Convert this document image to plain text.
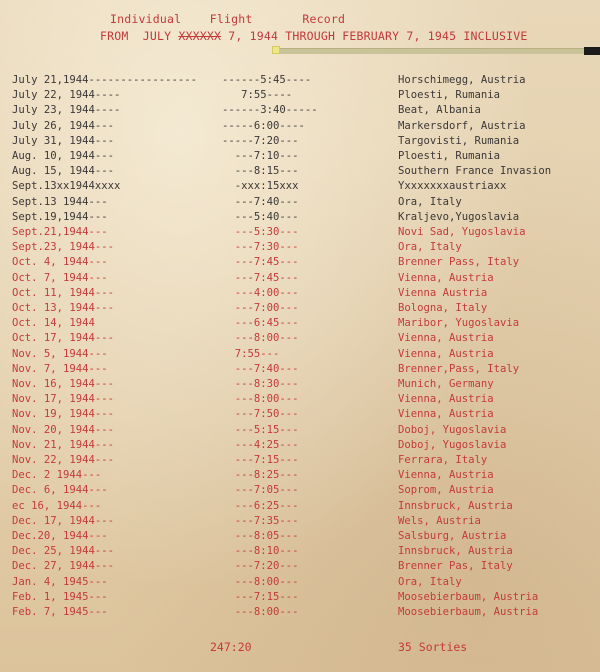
Individual    Flight       Record
FROM  JULY XXXXXX 7, 1944 THROUGH FEBRUARY 7, 1945 INCLUSIVE
July 21,1944----------------- ------5:45----	Horschimegg, Austria
July 22, 1944----	7:55----	Ploesti, Rumania
July 23, 1944----	------3:40-----	Beat, Albania
July 26, 1944---	-----6:00----	Markersdorf, Austria
July 31, 1944---	-----7:20---	Targovisti, Rumania
Aug. 10, 1944---	---7:10---	Ploesti, Rumania
Aug. 15, 1944---	---8:15---	Southern France Invasion
Sept.13xx1944xxxx	-xxx:15xxx	Yxxxxxxxaustriaxx
Sept.13 1944---	---7:40---	Ora, Italy
Sept.19,1944---	---5:40---	Kraljevo,Yugoslavia
Sept.21,1944---	---5:30---	Novi Sad, Yugoslavia
Sept.23, 1944---	---7:30---	Ora, Italy
Oct. 4, 1944---	---7:45---	Brenner Pass, Italy
Oct. 7, 1944---	---7:45---	Vienna, Austria
Oct. 11, 1944---	---4:00---	Vienna Austria
Oct. 13, 1944---	---7:00---	Bologna, Italy
Oct. 14, 1944	---6:45---	Maribor, Yugoslavia
Oct. 17, 1944---	---8:00---	Vienna, Austria
Nov. 5, 1944---	7:55---	Vienna, Austria
Nov. 7, 1944---	---7:40---	Brenner,Pass, Italy
Nov. 16, 1944---	---8:30---	Munich, Germany
Nov. 17, 1944---	---8:00---	Vienna, Austria
Nov. 19, 1944---	---7:50---	Vienna, Austria
Nov. 20, 1944---	---5:15---	Doboj, Yugoslavia
Nov. 21, 1944---	---4:25---	Doboj, Yugoslavia
Nov. 22, 1944---	---7:15---	Ferrara, Italy
Dec. 2 1944---	---8:25---	Vienna, Austria
Dec. 6, 1944---	---7:05---	Soprom, Austria
ec 16, 1944---	---6:25---	Innsbruck, Austria
Dec. 17, 1944---	---7:35---	Wels, Austria
Dec.20, 1944---	---8:05---	Salsburg, Austria
Dec. 25, 1944---	---8:10---	Innsbruck, Austria
Dec. 27, 1944---	---7:20---	Brenner Pas, Italy
Jan. 4, 1945---	---8:00---	Ora, Italy
Feb. 1, 1945---	---7:15---	Moosebierbaum, Austria
Feb. 7, 1945---	---8:00---	Moosebierbaum, Austria
247:20	35 Sorties
